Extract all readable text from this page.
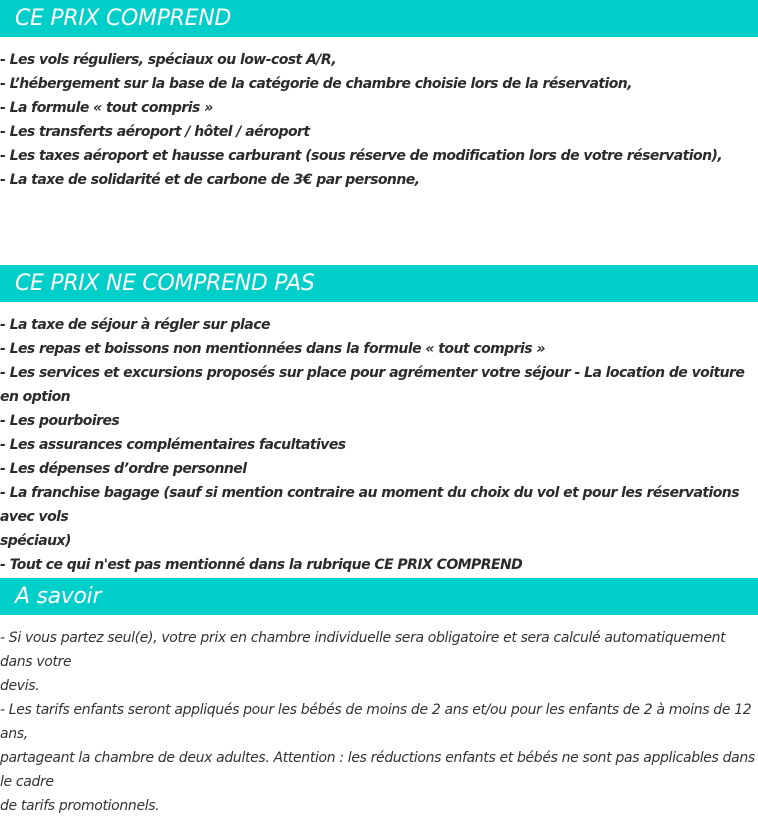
CE PRIX COMPREND
- Les vols réguliers, spéciaux ou low-cost A/R,
- L’hébergement sur la base de la catégorie de chambre choisie lors de la réservation,
- La formule « tout compris »
- Les transferts aéroport / hôtel / aéroport
- Les taxes aéroport et hausse carburant (sous réserve de modification lors de votre réservation),
- La taxe de solidarité et de carbone de 3€ par personne,
CE PRIX NE COMPREND PAS
- La taxe de séjour à régler sur place
- Les repas et boissons non mentionnées dans la formule « tout compris »
- Les services et excursions proposés sur place pour agrémenter votre séjour - La location de voiture en option
- Les pourboires
- Les assurances complémentaires facultatives
- Les dépenses d’ordre personnel
- La franchise bagage (sauf si mention contraire au moment du choix du vol et pour les réservations avec vols
spéciaux)
- Tout ce qui n'est pas mentionné dans la rubrique CE PRIX COMPREND
A savoir
- Si vous partez seul(e), votre prix en chambre individuelle sera obligatoire et sera calculé automatiquement dans votre
devis.
- Les tarifs enfants seront appliqués pour les bébés de moins de 2 ans et/ou pour les enfants de 2 à moins de 12 ans,
partageant la chambre de deux adultes. Attention : les réductions enfants et bébés ne sont pas applicables dans le cadre
de tarifs promotionnels.
